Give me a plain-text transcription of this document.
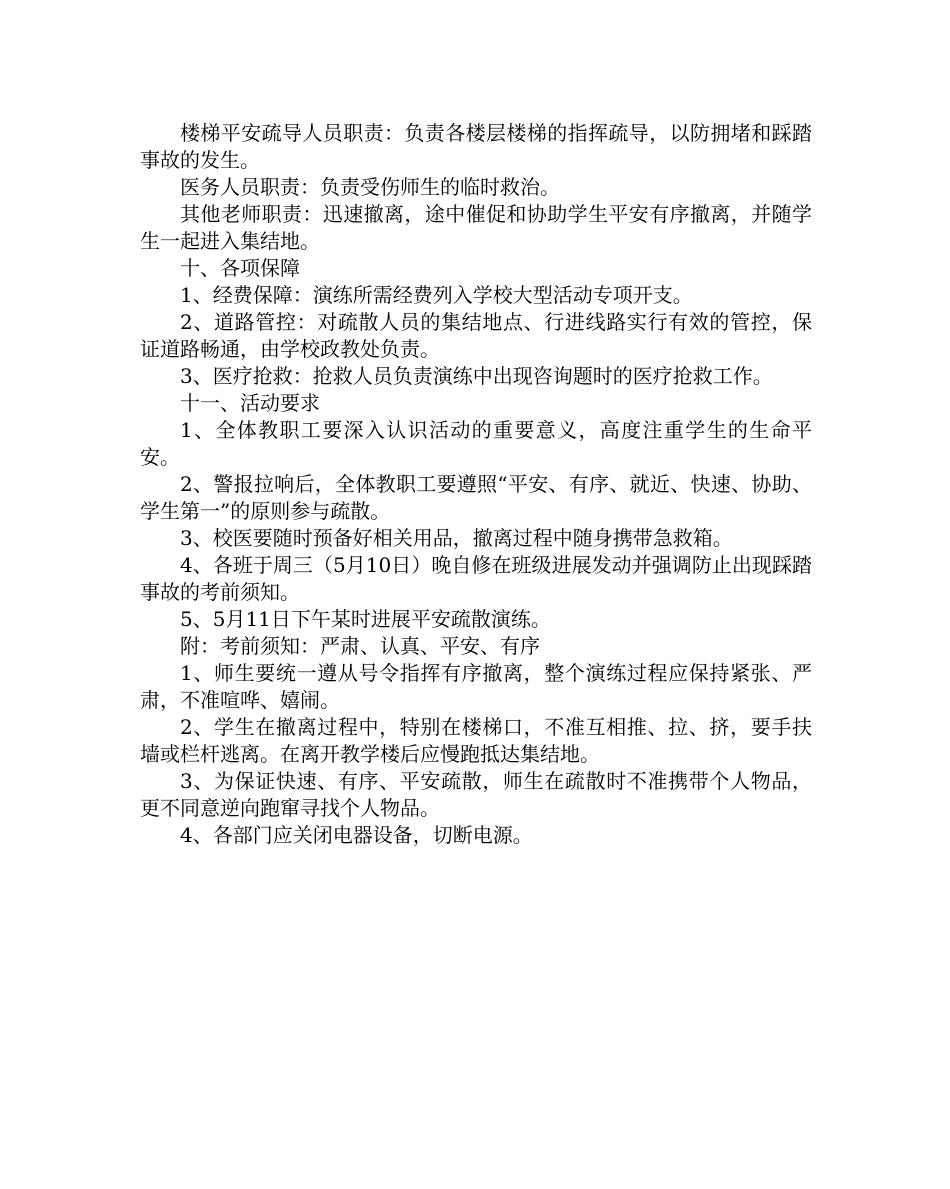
楼梯平安疏导人员职责：负责各楼层楼梯的指挥疏导，以防拥堵和踩踏事故的发生。

医务人员职责：负责受伤师生的临时救治。

其他老师职责：迅速撤离，途中催促和协助学生平安有序撤离，并随学生一起进入集结地。

十、各项保障

1、经费保障：演练所需经费列入学校大型活动专项开支。

2、道路管控：对疏散人员的集结地点、行进线路实行有效的管控，保证道路畅通，由学校政教处负责。

3、医疗抢救：抢救人员负责演练中出现咨询题时的医疗抢救工作。

十一、活动要求

1、全体教职工要深入认识活动的重要意义，高度注重学生的生命平安。

2、警报拉响后，全体教职工要遵照“平安、有序、就近、快速、协助、学生第一”的原则参与疏散。

3、校医要随时预备好相关用品，撤离过程中随身携带急救箱。

4、各班于周三（5月10日）晚自修在班级进展发动并强调防止出现踩踏事故的考前须知。

5、5月11日下午某时进展平安疏散演练。

附：考前须知：严肃、认真、平安、有序

1、师生要统一遵从号令指挥有序撤离，整个演练过程应保持紧张、严肃，不准喧哗、嬉闹。

2、学生在撤离过程中，特别在楼梯口，不准互相推、拉、挤，要手扶墙或栏杆逃离。在离开教学楼后应慢跑抵达集结地。

3、为保证快速、有序、平安疏散，师生在疏散时不准携带个人物品，更不同意逆向跑窜寻找个人物品。

4、各部门应关闭电器设备，切断电源。
